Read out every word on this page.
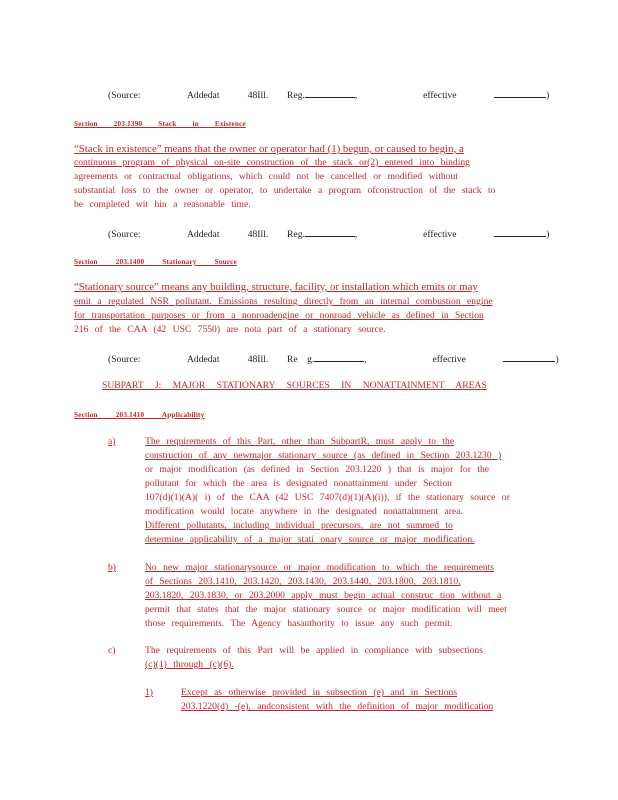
(Source:	Addedat	48Ill. Reg.	,       effective	)
Section 203.1390 Stack in Existence
“Stack in existence” means that the owner or operator had (1) begun, or caused to begin, a
continuous program of physical on-site construction of the stack or(2) entered into binding
agreements or contractual obligations, which could not be cancelled or modified without
substantial loss to the owner or operator, to undertake a program ofconstruction of the stack to
be completed wit hin a reasonable time.
(Source:	Addedat	48Ill. Reg.	,       effective	)
Section 203.1400 Stationary Source
“Stationary source” means any building, structure, facility, or installation which emits or may
emit a regulated NSR pollutant. Emissions resulting directly from an internal combustion engine
for transportation purposes or from a nonroadengine or nonroad vehicle as defined in Section
216 of the CAA (42 USC 7550) are nota part of a stationary source.
(Source:	Addedat	48Ill. Re g.	,       effective	)
SUBPART J: MAJOR STATIONARY SOURCES IN NONATTAINMENT AREAS
Section 203.1410 Applicability
a)	The requirements of this Part, other than SubpartR, must apply to the
construction of any newmajor stationary source (as defined in Section 203.1230 )
or major modification (as defined in Section 203.1220 ) that is major for the
pollutant for which the area is designated nonattainment under Section
107(d)(1)(A)( i) of the CAA (42 USC 7407(d)(1)(A)(i)), if the stationary source or
modification would locate anywhere in the designated nonattainment area.
Different pollutants, including individual precursors, are not summed to
determine applicability of a major stati onary source or major modification.
b)	No new major stationarysource or major modification to which the requirements
of Sections 203.1410, 203.1420, 203.1430, 203.1440, 203.1800, 203.1810,
203.1820, 203.1830, or 203.2000 apply must begin actual construc tion without a
permit that states that the major stationary source or major modification will meet
those requirements. The Agency hasauthority to issue any such permit.
c)	The requirements of this Part will be applied in compliance with subsections
(c)(1) through (c)(6).
1)	Except as otherwise provided in subsection (e) and in Sections
203.1220(d) -(e), andconsistent with the definition of major modification
